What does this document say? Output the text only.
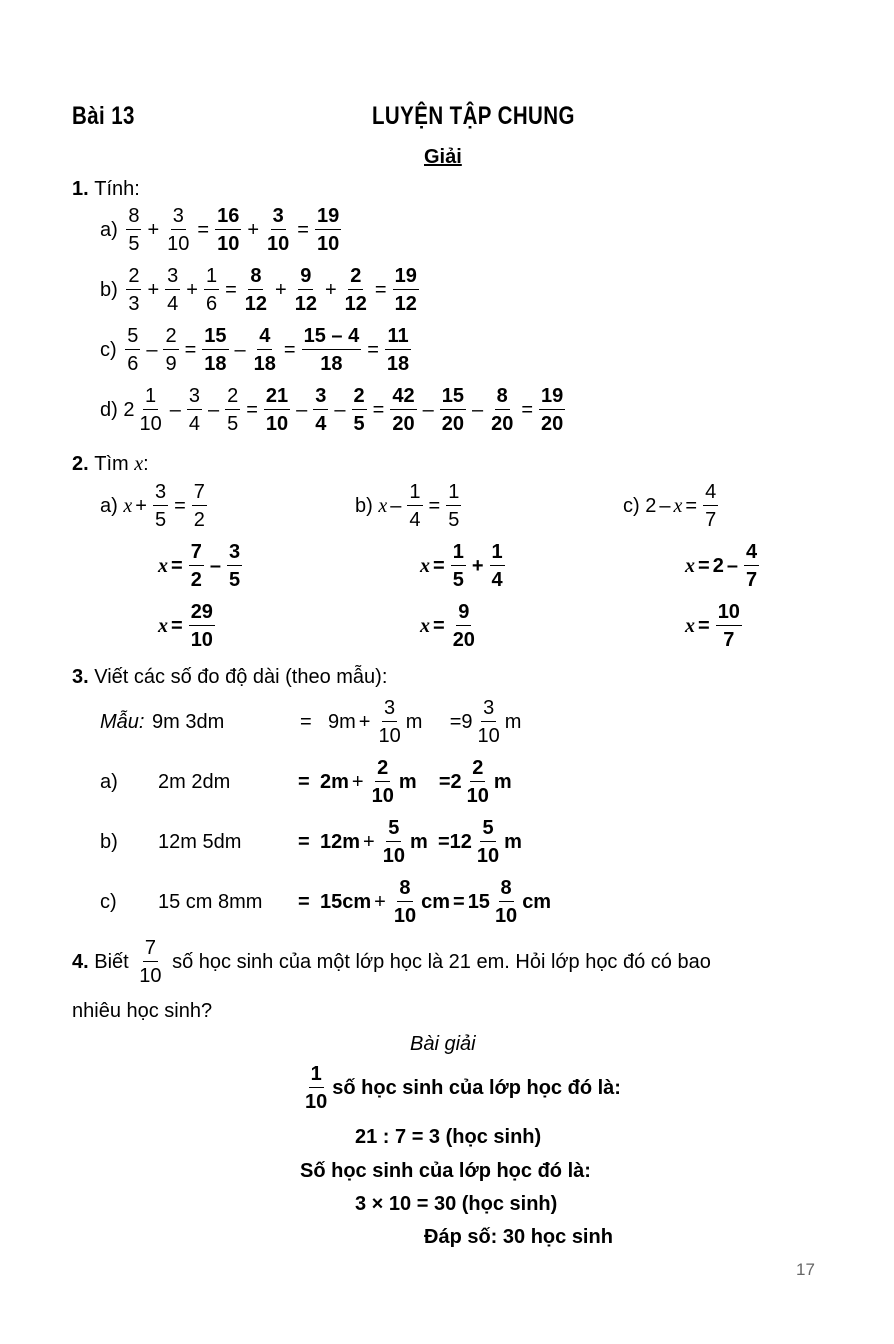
Bài 13	LUYỆN TẬP CHUNG
Giải
1.
Tính:
a)
$\frac{8}{5} + \frac{3}{10} = \frac{16}{10} + \frac{3}{10} = \frac{19}{10}$
b)
$\frac{2}{3} + \frac{3}{4} + \frac{1}{6} = \frac{8}{12} + \frac{9}{12} + \frac{2}{12} = \frac{19}{12}$
c)
$\frac{5}{6} - \frac{2}{9} = \frac{15}{18} - \frac{4}{18} = \frac{15 - 4}{18} = \frac{11}{18}$
d)
$2 \frac{1}{10} - \frac{3}{4} - \frac{2}{5} = \frac{21}{10} - \frac{3}{4} - \frac{2}{5} = \frac{42}{20} - \frac{15}{20} - \frac{8}{20} = \frac{19}{20}$
2.
Tìm
x :
a)
$x + \frac{3}{5} = \frac{7}{2}$
$x = \frac{7}{2} - \frac{3}{5}$
$x = \frac{29}{10}$
b)
$x - \frac{1}{4} = \frac{1}{5}$
$x = \frac{1}{5} + \frac{1}{4}$
$x = \frac{9}{20}$
c)
$2 - x = \frac{4}{7}$
$x = 2 - \frac{4}{7}$
$x = \frac{10}{7}$
3.
Viết các số đo độ dài (theo mẫu):
Mẫu: 9m 3dm	= $9m + \frac{3}{10}$ m	= $9 \frac{3}{10}$ m
a)	2m 2dm	= $2m + \frac{2}{10}$ m	= $2 \frac{2}{10}$ m
b)	12m 5dm	= $12m + \frac{5}{10}$ $m = 12 \frac{5}{10}$ m
c)	15 cm 8mm	= $15cm + \frac{8}{10}$ cm = $15 \frac{8}{10}$ cm
4.
Biết
$\frac{7}{10}$
số học sinh của một lớp học là 21 em. Hỏi lớp học đó có bao
nhiêu học sinh?
Bài giải
$\frac{1}{10}$ số học sinh của lớp học đó là:
21 : 7 = 3 (học sinh)
Số học sinh của lớp học đó là:
3 × 10 = 30 (học sinh)
Đáp số: 30 học sinh
17
